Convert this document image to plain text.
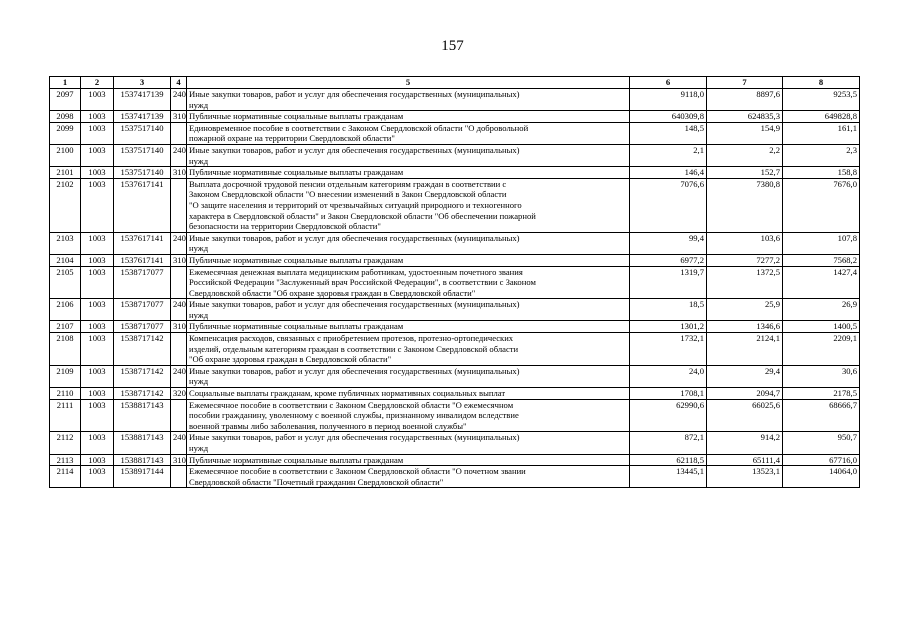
157
1	2	3	4	5	6	7	8
2097	1003	1537417139	240	Иные закупки товаров, работ и услуг для обеспечения государственных (муниципальных)
нужд	9118,0	8897,6	9253,5
2098	1003	1537417139	310	Публичные нормативные социальные выплаты гражданам	640309,8	624835,3	649828,8
2099	1003	1537517140		Единовременное пособие в соответствии с Законом Свердловской области "О добровольной
пожарной охране на территории Свердловской области"	148,5	154,9	161,1
2100	1003	1537517140	240	Иные закупки товаров, работ и услуг для обеспечения государственных (муниципальных)
нужд	2,1	2,2	2,3
2101	1003	1537517140	310	Публичные нормативные социальные выплаты гражданам	146,4	152,7	158,8
2102	1003	1537617141		Выплата досрочной трудовой пенсии отдельным категориям граждан в соответствии с
Законом Свердловской области "О внесении изменений в Закон Свердловской области
"О защите населения и территорий от чрезвычайных ситуаций природного и техногенного
характера в Свердловской области" и Закон Свердловской области "Об обеспечении пожарной
безопасности на территории Свердловской области"	7076,6	7380,8	7676,0
2103	1003	1537617141	240	Иные закупки товаров, работ и услуг для обеспечения государственных (муниципальных)
нужд	99,4	103,6	107,8
2104	1003	1537617141	310	Публичные нормативные социальные выплаты гражданам	6977,2	7277,2	7568,2
2105	1003	1538717077		Ежемесячная денежная выплата медицинским работникам, удостоенным почетного звания
Российской Федерации "Заслуженный врач Российской Федерации", в соответствии с Законом
Свердловской области "Об охране здоровья граждан в Свердловской области"	1319,7	1372,5	1427,4
2106	1003	1538717077	240	Иные закупки товаров, работ и услуг для обеспечения государственных (муниципальных)
нужд	18,5	25,9	26,9
2107	1003	1538717077	310	Публичные нормативные социальные выплаты гражданам	1301,2	1346,6	1400,5
2108	1003	1538717142		Компенсация расходов, связанных с приобретением протезов, протезно-ортопедических
изделий, отдельным категориям граждан в соответствии с Законом Свердловской области
"Об охране здоровья граждан в Свердловской области"	1732,1	2124,1	2209,1
2109	1003	1538717142	240	Иные закупки товаров, работ и услуг для обеспечения государственных (муниципальных)
нужд	24,0	29,4	30,6
2110	1003	1538717142	320	Социальные выплаты гражданам, кроме публичных нормативных социальных выплат	1708,1	2094,7	2178,5
2111	1003	1538817143		Ежемесячное пособие в соответствии с Законом Свердловской области "О ежемесячном
пособии гражданину, уволенному с военной службы, признанному инвалидом вследствие
военной травмы либо заболевания, полученного в период военной службы"	62990,6	66025,6	68666,7
2112	1003	1538817143	240	Иные закупки товаров, работ и услуг для обеспечения государственных (муниципальных)
нужд	872,1	914,2	950,7
2113	1003	1538817143	310	Публичные нормативные социальные выплаты гражданам	62118,5	65111,4	67716,0
2114	1003	1538917144		Ежемесячное пособие в соответствии с Законом Свердловской области "О почетном звании
Свердловской области "Почетный гражданин Свердловской области"	13445,1	13523,1	14064,0
